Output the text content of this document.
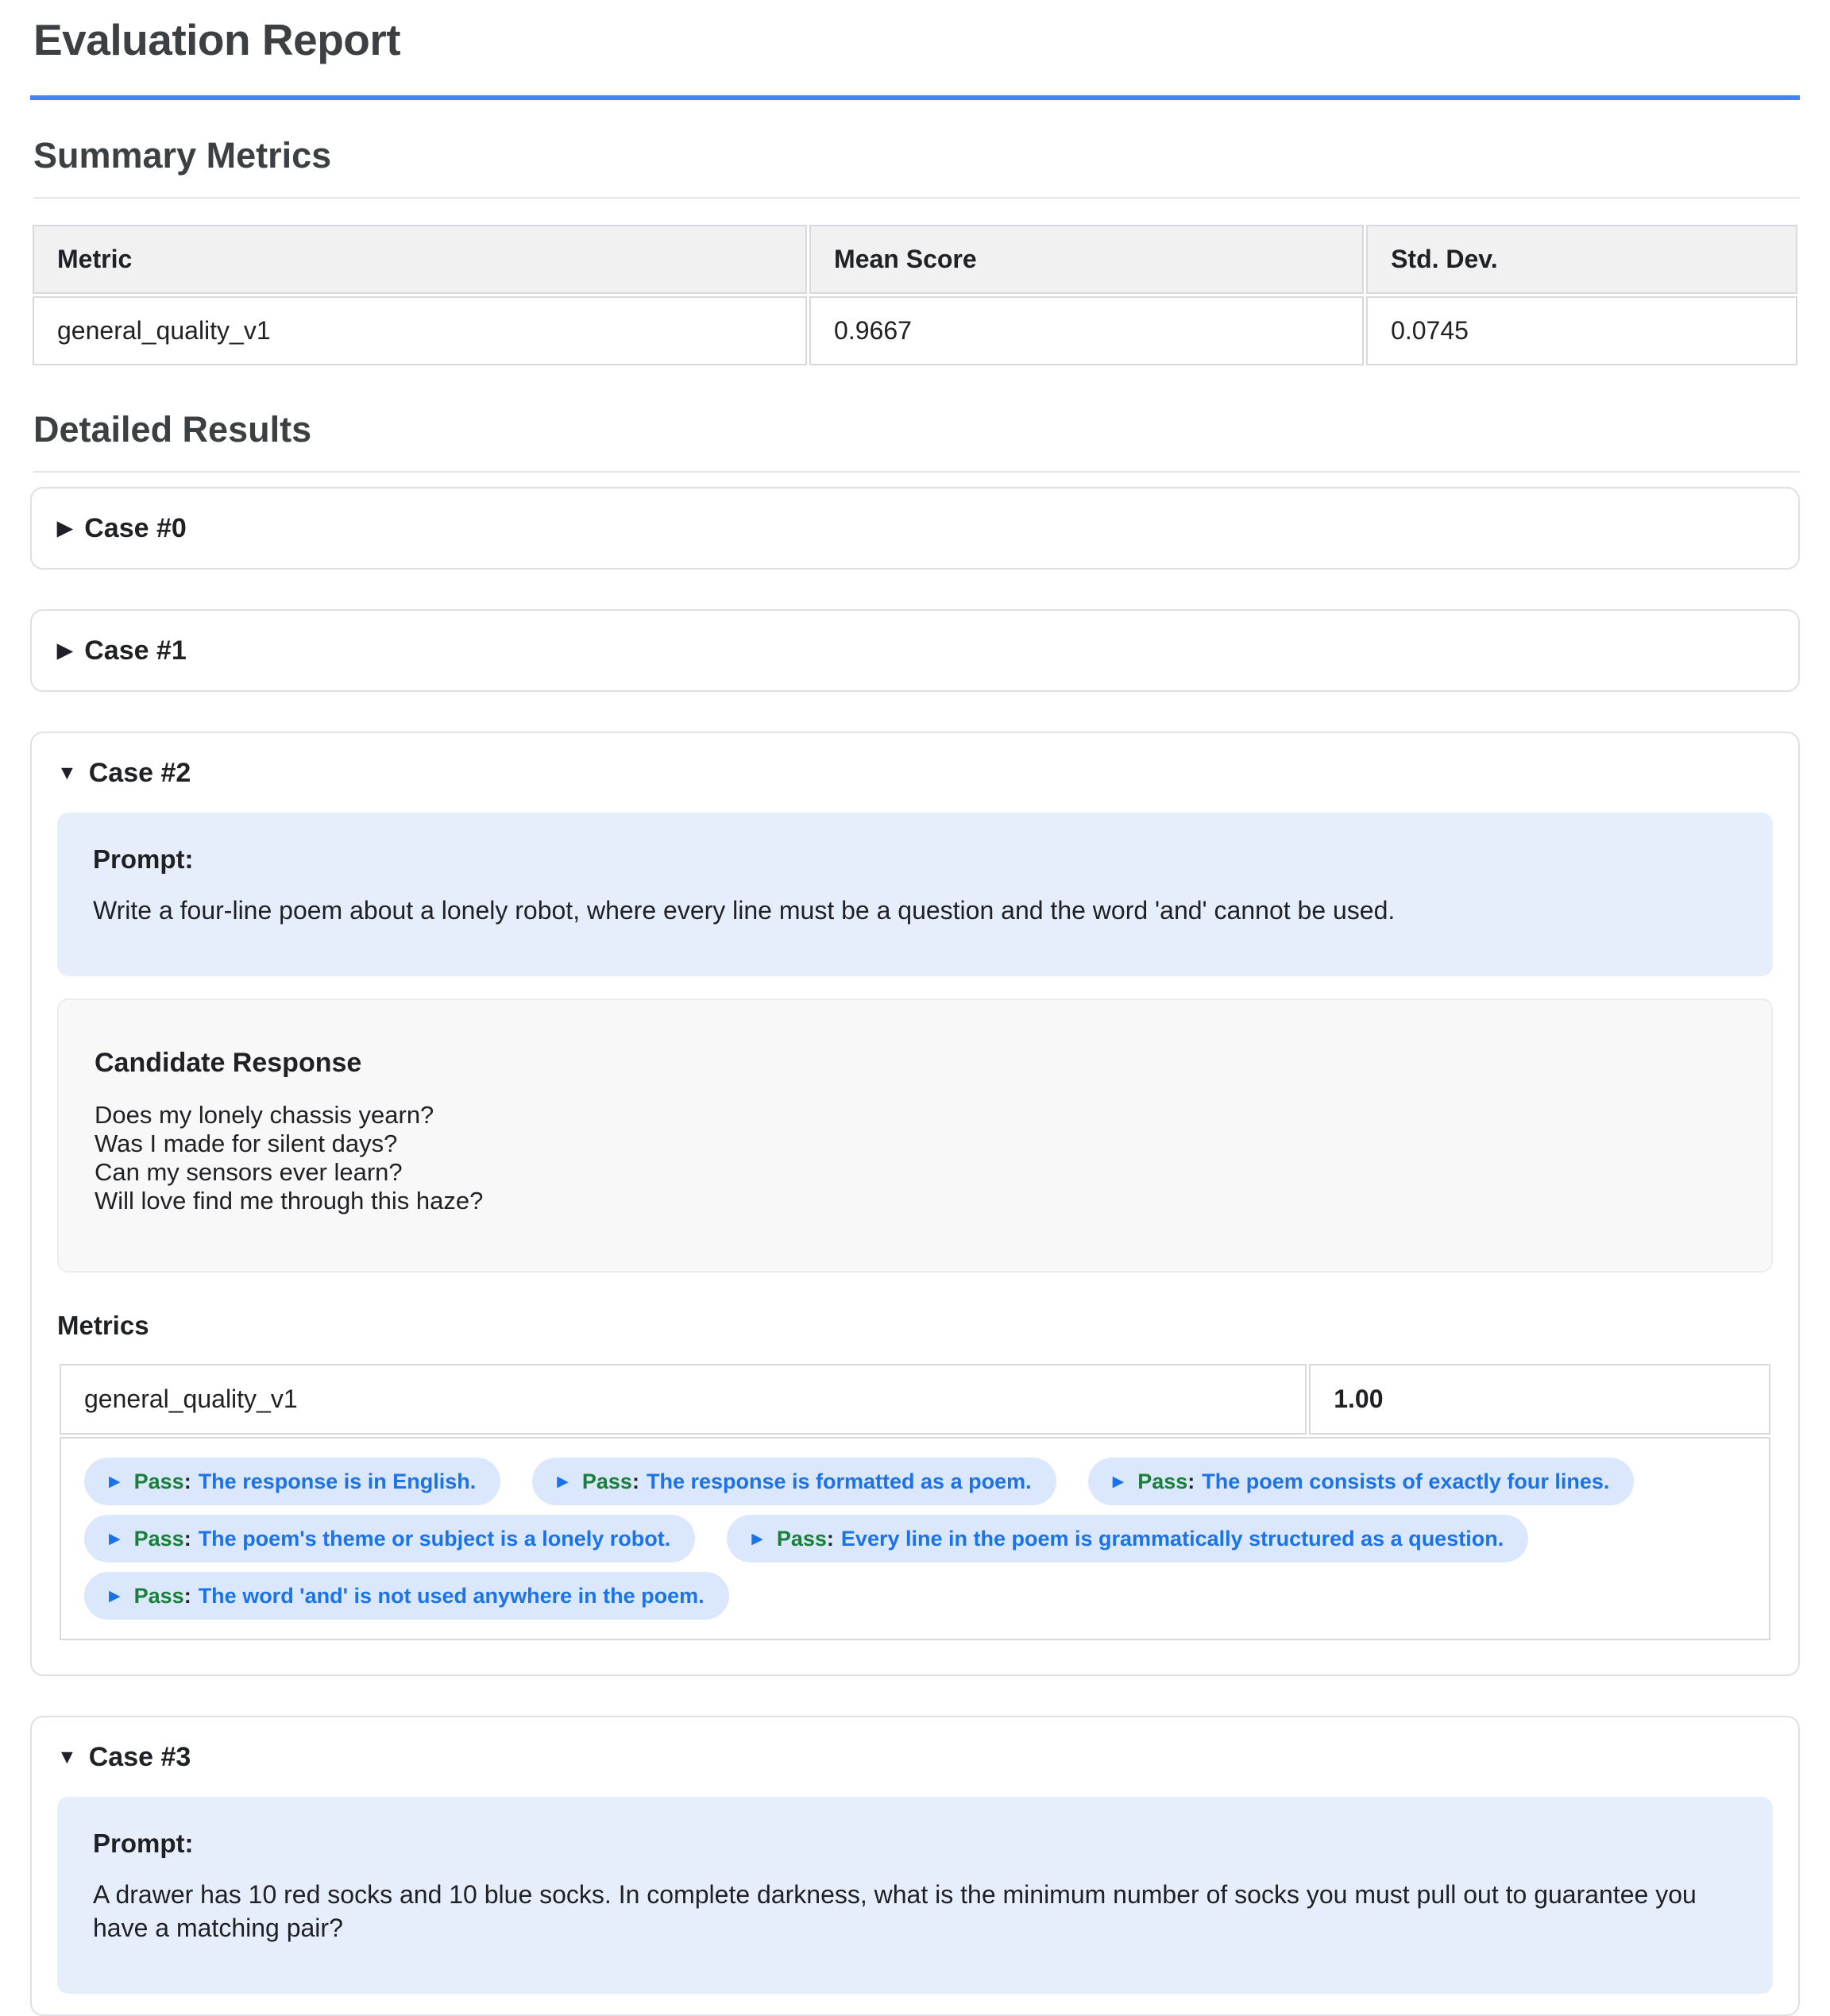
Evaluation Report
Summary Metrics
Metric	Mean Score	Std. Dev.
general_quality_v1	0.9667	0.0745
Detailed Results
▶ Case #0
▶ Case #1
▼ Case #2
Prompt:

Write a four-line poem about a lonely robot, where every line must be a question and the word 'and' cannot be used.

Candidate Response
Does my lonely chassis yearn?
Was I made for silent days?
Can my sensors ever learn?
Will love find me through this haze?
Metrics
general_quality_v1	1.00

▶ Pass : The response is in English.	▶ Pass : The response is formatted as a poem.	▶ Pass : The poem consists of exactly four lines.
▶ Pass : The poem's theme or subject is a lonely robot.	▶ Pass : Every line in the poem is grammatically structured as a question.
▶ Pass : The word 'and' is not used anywhere in the poem.
▼ Case #3
Prompt:

A drawer has 10 red socks and 10 blue socks. In complete darkness, what is the minimum number of socks you must pull out to guarantee you have a matching pair?
